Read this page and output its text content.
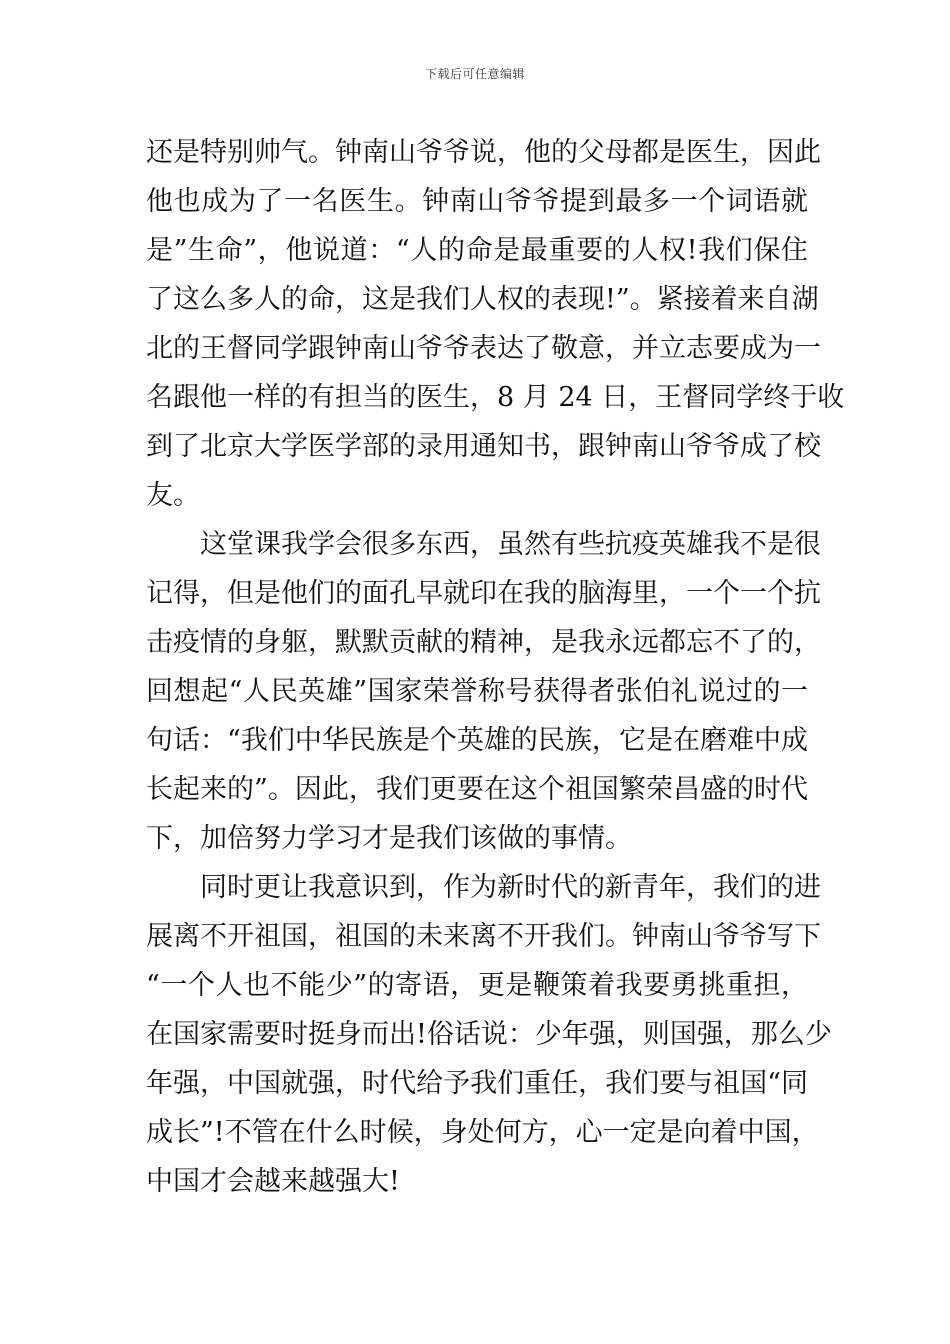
下载后可任意编辑
还是特别帅气。钟南山爷爷说，他的父母都是医生，因此
他也成为了一名医生。钟南山爷爷提到最多一个词语就
是”生命”，他说道：“人的命是最重要的人权!我们保住
了这么多人的命，这是我们人权的表现!”。紧接着来自湖
北的王督同学跟钟南山爷爷表达了敬意，并立志要成为一
名跟他一样的有担当的医生，8 月 24 日，王督同学终于收
到了北京大学医学部的录用通知书，跟钟南山爷爷成了校
友。
这堂课我学会很多东西，虽然有些抗疫英雄我不是很
记得，但是他们的面孔早就印在我的脑海里，一个一个抗
击疫情的身躯，默默贡献的精神，是我永远都忘不了的，
回想起“人民英雄”国家荣誉称号获得者张伯礼说过的一
句话：“我们中华民族是个英雄的民族，它是在磨难中成
长起来的”。因此，我们更要在这个祖国繁荣昌盛的时代
下，加倍努力学习才是我们该做的事情。
同时更让我意识到，作为新时代的新青年，我们的进
展离不开祖国，祖国的未来离不开我们。钟南山爷爷写下
“一个人也不能少”的寄语，更是鞭策着我要勇挑重担，
在国家需要时挺身而出!俗话说：少年强，则国强，那么少
年强，中国就强，时代给予我们重任，我们要与祖国“同
成长”!不管在什么时候，身处何方，心一定是向着中国，
中国才会越来越强大!
